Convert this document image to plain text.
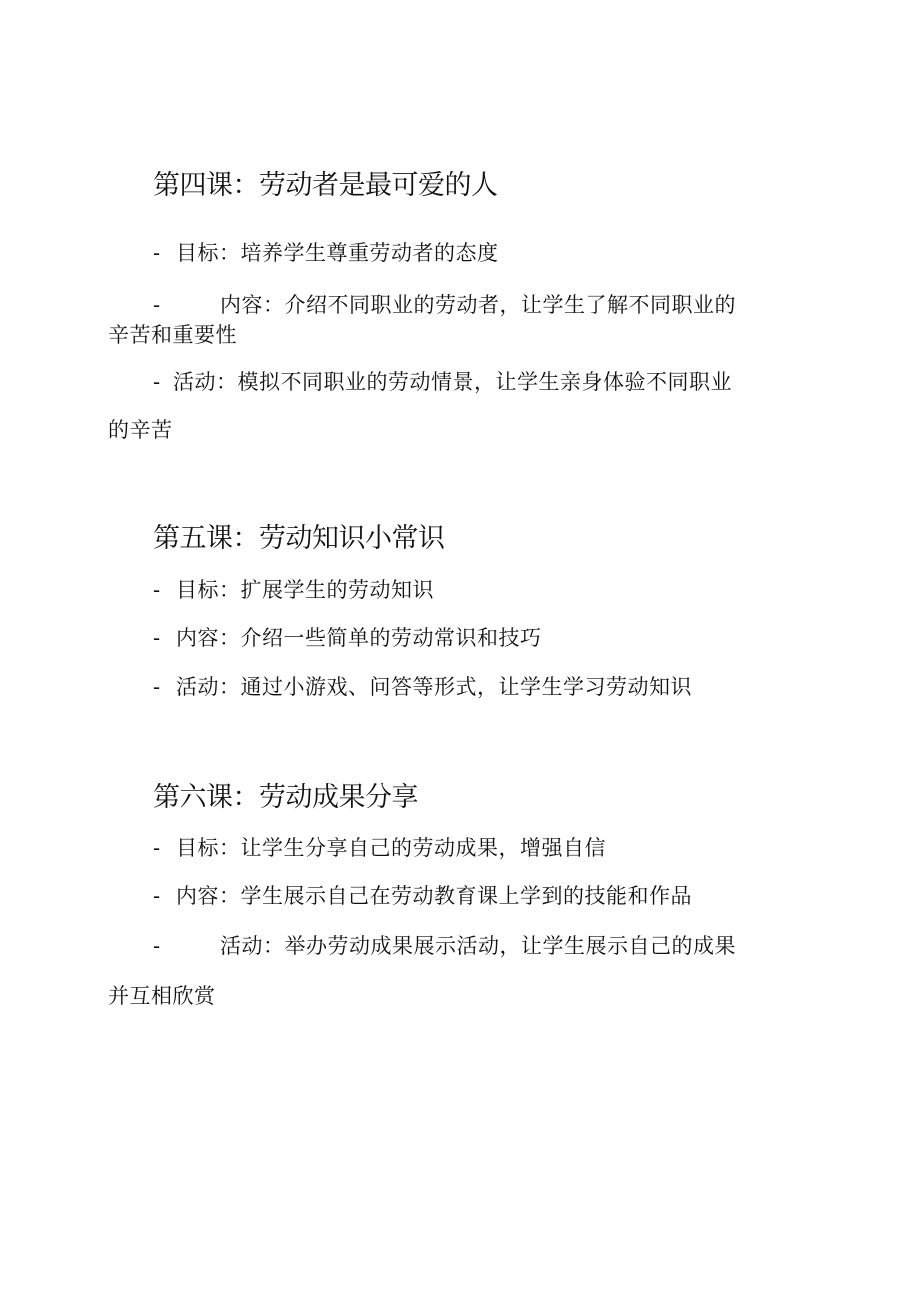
第四课：劳动者是最可爱的人

- 目标：培养学生尊重劳动者的态度

-	内容：介绍不同职业的劳动者，让学生了解不同职业的

辛苦和重要性

- 活动：模拟不同职业的劳动情景，让学生亲身体验不同职业

的辛苦

第五课：劳动知识小常识

- 目标：扩展学生的劳动知识

- 内容：介绍一些简单的劳动常识和技巧

- 活动：通过小游戏、问答等形式，让学生学习劳动知识

第六课：劳动成果分享

- 目标：让学生分享自己的劳动成果，增强自信

- 内容：学生展示自己在劳动教育课上学到的技能和作品

-	活动：举办劳动成果展示活动，让学生展示自己的成果

并互相欣赏
